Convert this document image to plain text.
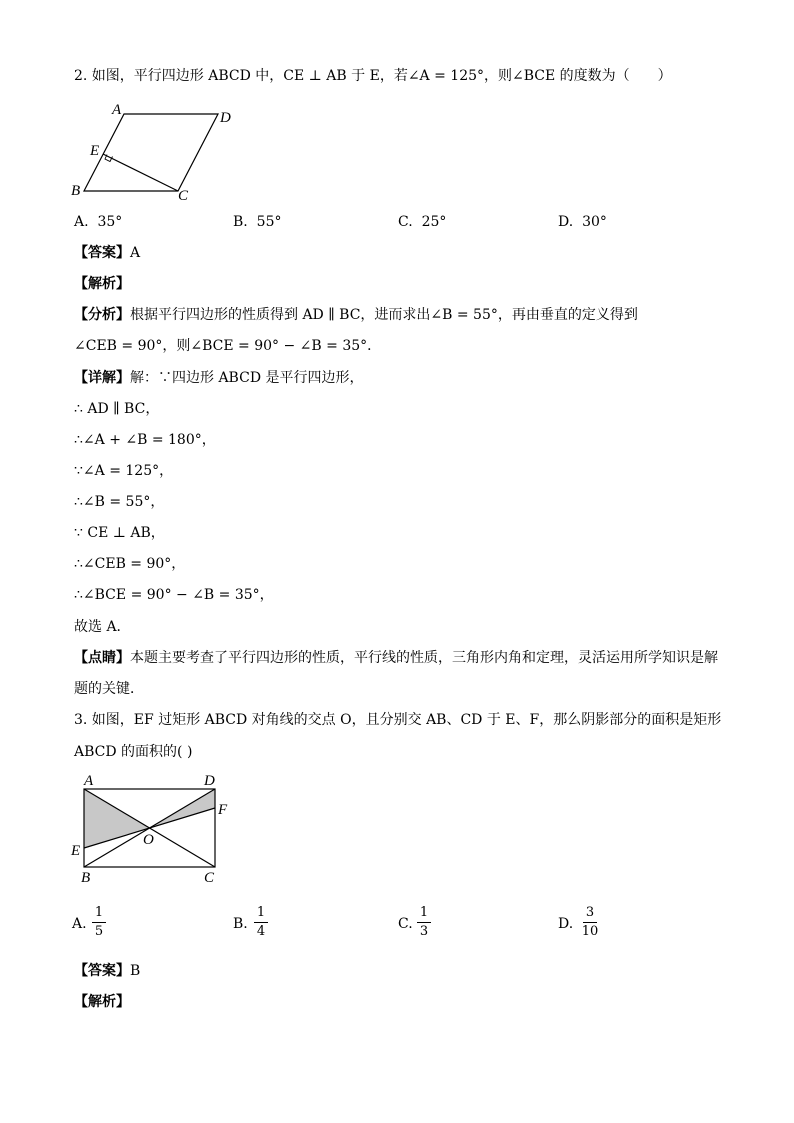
2. 如图，平行四边形 ABCD 中，CE ⊥ AB 于 E，若∠A = 125°，则∠BCE 的度数为（　　）
A	D
E
B	C
A. 35°	B. 55°	C. 25°	D. 30°
【答案】A
【解析】
【分析】根据平行四边形的性质得到 AD ∥ BC，进而求出∠B = 55°，再由垂直的定义得到
∠CEB = 90°，则∠BCE = 90° − ∠B = 35°．
【详解】解：∵四边形 ABCD 是平行四边形，
∴ AD ∥ BC，
∴∠A + ∠B = 180°，
∵∠A = 125°，
∴∠B = 55°，
∵ CE ⊥ AB，
∴∠CEB = 90°，
∴∠BCE = 90° − ∠B = 35°，
故选 A．
【点睛】本题主要考查了平行四边形的性质，平行线的性质，三角形内角和定理，灵活运用所学知识是解
题的关键．
3. 如图，EF 过矩形 ABCD 对角线的交点 O，且分别交 AB、CD 于 E、F，那么阴影部分的面积是矩形
ABCD 的面积的( )
A	D
F
O
E
B	C
A.
1
5	B.
1
4	C.
1
3	D.
3
10
【答案】B
【解析】
